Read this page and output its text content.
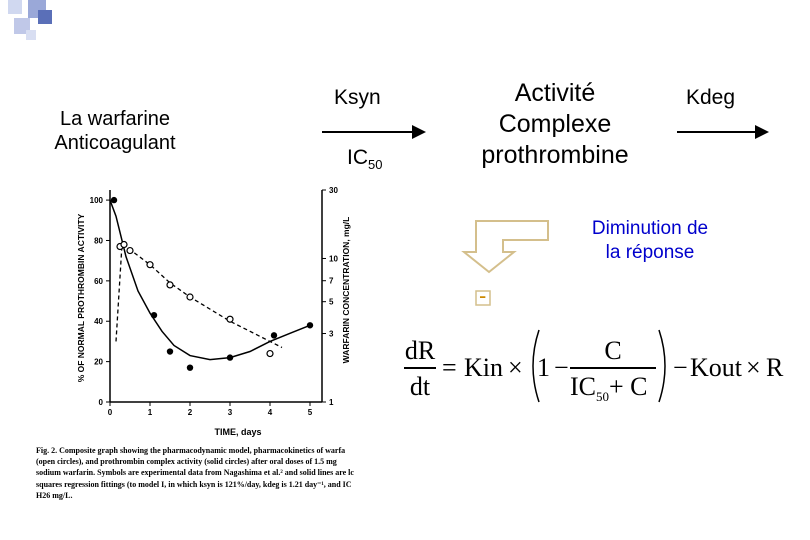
La warfarine
Anticoagulant
Ksyn
$IC_{50}$
Activité
Complexe
prothrombine
Kdeg
Diminution de
la réponse
-
dR
dt
= Kin × 1 −
C
$IC_{50}+ C$
− Kout × R
% OF NORMAL PROTHROMBIN ACTIVITY	WARFARIN CONCENTRATION, mg/L
TIME, days
0
20
40
60
80
100
0	1	2	3	4	5
1
3
5
7
10
30
Fig. 2. Composite graph showing the pharmacodynamic model, pharmacokinetics of warfa
(open circles), and prothrombin complex activity (solid circles) after oral doses of 1.5 mg
sodium warfarin. Symbols are experimental data from Nagashima et al.² and solid lines are lc
squares regression fittings (to model I, in which ksyn is 121%/day, kdeg is 1.21 day⁻¹, and IC
H26 mg/L.
